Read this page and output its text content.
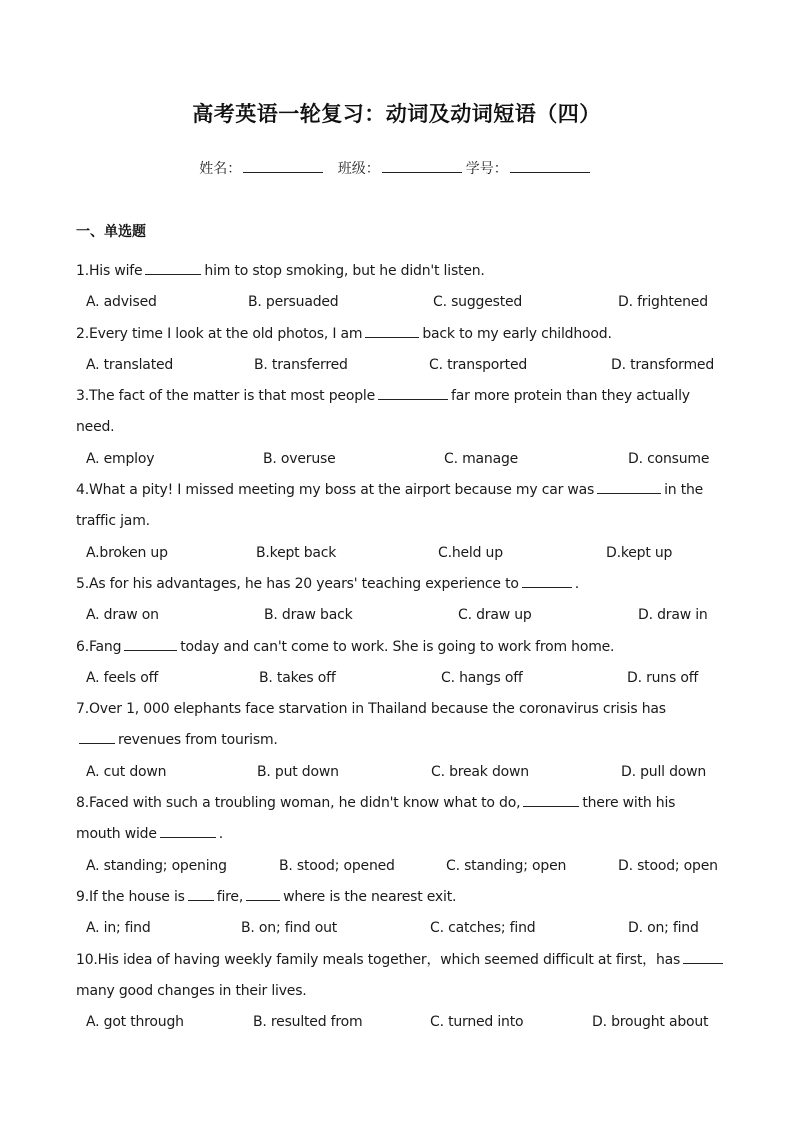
高考英语一轮复习：动词及动词短语（四）
姓名：	班级：	学号：
一、单选题
1.His wife	him to stop smoking, but he didn't listen.
A. advised	B. persuaded	C. suggested	D. frightened
2.Every time I look at the old photos, I am	back to my early childhood.
A. translated	B. transferred	C. transported	D. transformed
3.The fact of the matter is that most people	far more protein than they actually
need.
A. employ	B. overuse	C. manage	D. consume
4.What a pity! I missed meeting my boss at the airport because my car was	in the
traffic jam.
A.broken up	B.kept back	C.held up	D.kept up
5.As for his advantages, he has 20 years' teaching experience to	.
A. draw on	B. draw back	C. draw up	D. draw in
6.Fang	today and can't come to work. She is going to work from home.
A. feels off	B. takes off	C. hangs off	D. runs off
7.Over 1, 000 elephants face starvation in Thailand because the coronavirus crisis has
revenues from tourism.
A. cut down	B. put down	C. break down	D. pull down
8.Faced with such a troubling woman, he didn't know what to do,	there with his
mouth wide	.
A. standing; opening	B. stood; opened	C. standing; open	D. stood; open
9.If the house is fire,	where is the nearest exit.
A. in; find	B. on; find out	C. catches; find	D. on; find
10.His idea of having weekly family meals together，which seemed difficult at first，has
many good changes in their lives.
A. got through	B. resulted from	C. turned into	D. brought about
